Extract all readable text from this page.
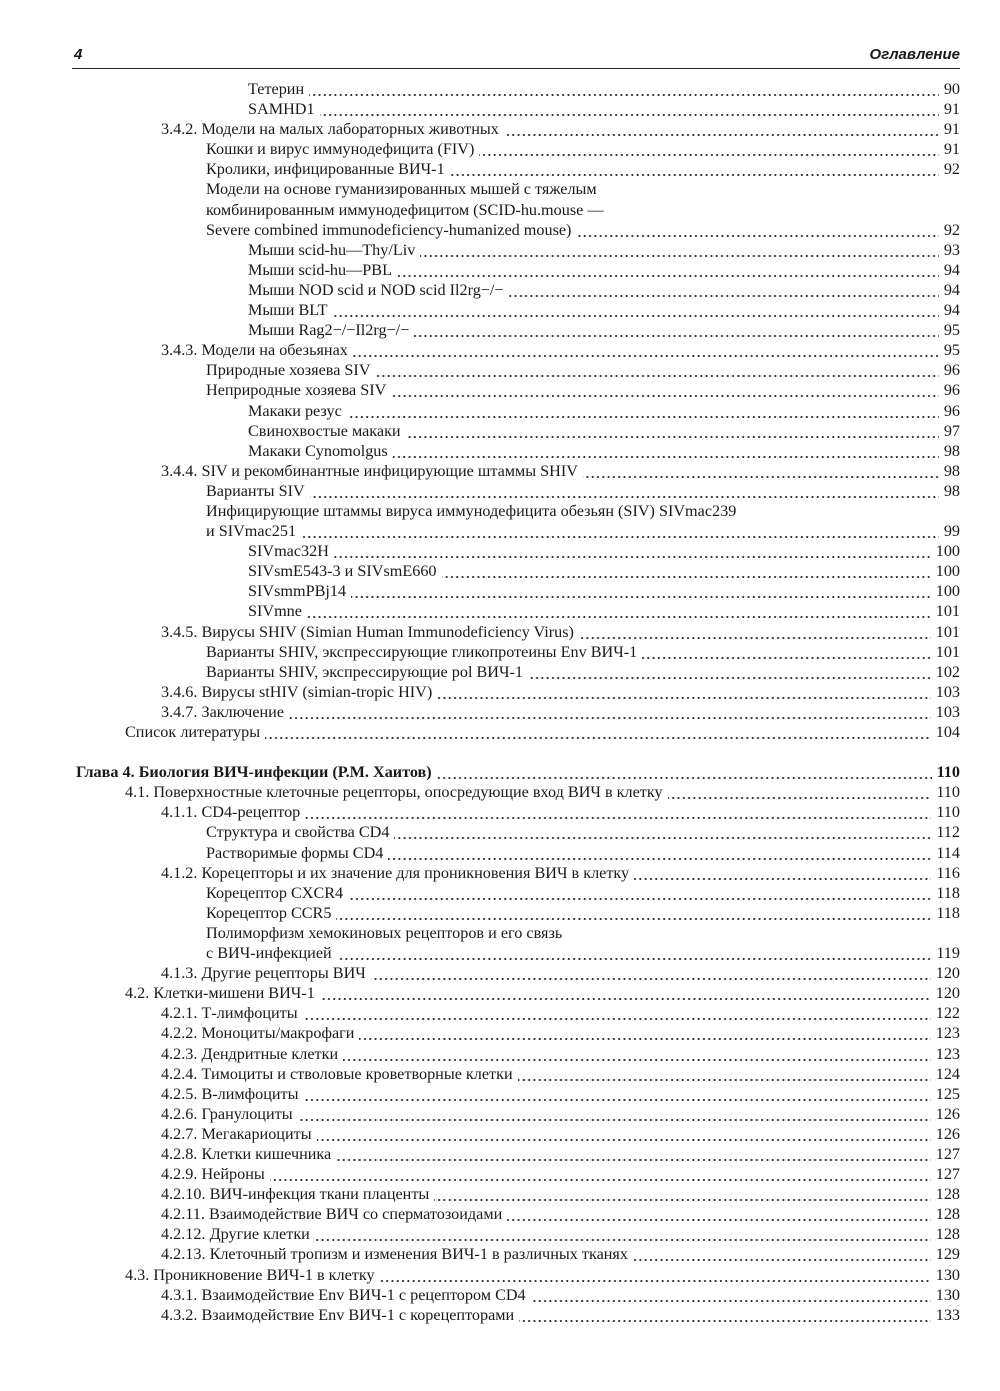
4	Оглавление
Тетерин	90
SAMHD1	91
3.4.2. Модели на малых лабораторных животных	91
Кошки и вирус иммунодефицита (FIV)	91
Кролики, инфицированные ВИЧ-1	92
Модели на основе гуманизированных мышей с тяжелым
комбинированным иммунодефицитом (SCID-hu.mouse —
Severe combined immunodeficiency-humanized mouse)	92
Мыши scid-hu—Thy/Liv	93
Мыши scid-hu—PBL	94
Мыши NOD scid и NOD scid Il2rg−/−	94
Мыши BLT	94
Мыши Rag2−/−Il2rg−/−	95
3.4.3. Модели на обезьянах	95
Природные хозяева SIV	96
Неприродные хозяева SIV	96
Макаки резус	96
Свинохвостые макаки	97
Макаки Cynomolgus	98
3.4.4. SIV и рекомбинантные инфицирующие штаммы SHIV	98
Варианты SIV	98
Инфицирующие штаммы вируса иммунодефицита обезьян (SIV) SIVmac239
и SIVmac251	99
SIVmac32H	100
SIVsmE543-3 и SIVsmE660	100
SIVsmmPBj14	100
SIVmne	101
3.4.5. Вирусы SHIV (Simian Human Immunodeficiency Virus)	101
Варианты SHIV, экспрессирующие гликопротеины Env ВИЧ-1	101
Варианты SHIV, экспрессирующие pol ВИЧ-1	102
3.4.6. Вирусы stHIV (simian-tropic HIV)	103
3.4.7. Заключение	103
Список литературы	104
Глава 4. Биология ВИЧ-инфекции (Р.М. Хаитов)	110
4.1. Поверхностные клеточные рецепторы, опосредующие вход ВИЧ в клетку	110
4.1.1. CD4-рецептор	110
Структура и свойства CD4	112
Растворимые формы CD4	114
4.1.2. Корецепторы и их значение для проникновения ВИЧ в клетку	116
Корецептор CXCR4	118
Корецептор CCR5	118
Полиморфизм хемокиновых рецепторов и его связь
с ВИЧ-инфекцией	119
4.1.3. Другие рецепторы ВИЧ	120
4.2. Клетки-мишени ВИЧ-1	120
4.2.1. Т-лимфоциты	122
4.2.2. Моноциты/макрофаги	123
4.2.3. Дендритные клетки	123
4.2.4. Тимоциты и стволовые кроветворные клетки	124
4.2.5. В-лимфоциты	125
4.2.6. Гранулоциты	126
4.2.7. Мегакариоциты	126
4.2.8. Клетки кишечника	127
4.2.9. Нейроны	127
4.2.10. ВИЧ-инфекция ткани плаценты	128
4.2.11. Взаимодействие ВИЧ со сперматозоидами	128
4.2.12. Другие клетки	128
4.2.13. Клеточный тропизм и изменения ВИЧ-1 в различных тканях	129
4.3. Проникновение ВИЧ-1 в клетку	130
4.3.1. Взаимодействие Env ВИЧ-1 с рецептором CD4	130
4.3.2. Взаимодействие Env ВИЧ-1 с корецепторами	133
